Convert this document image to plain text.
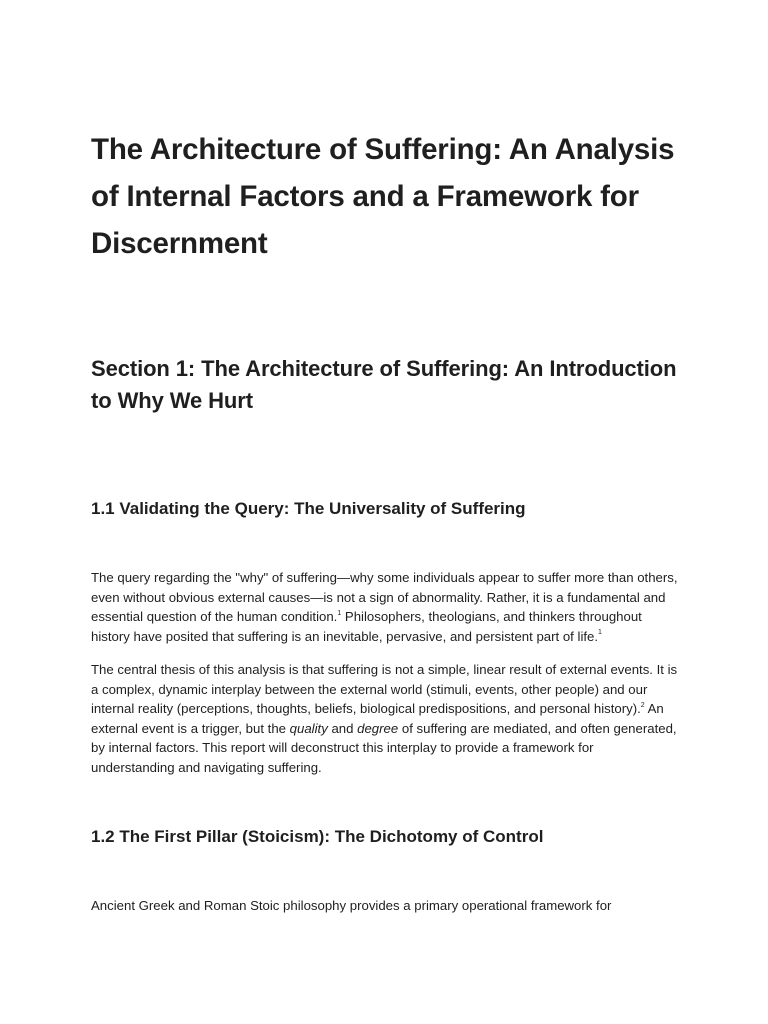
The Architecture of Suffering: An Analysis of Internal Factors and a Framework for Discernment
Section 1: The Architecture of Suffering: An Introduction to Why We Hurt
1.1 Validating the Query: The Universality of Suffering

The query regarding the "why" of suffering—why some individuals appear to suffer more than others, even without obvious external causes—is not a sign of abnormality. Rather, it is a fundamental and essential question of the human condition.$^1$ Philosophers, theologians, and thinkers throughout history have posited that suffering is an inevitable, pervasive, and persistent part of life.$^1$

The central thesis of this analysis is that suffering is not a simple, linear result of external events. It is a complex, dynamic interplay between the external world (stimuli, events, other people) and our internal reality (perceptions, thoughts, beliefs, biological predispositions, and personal history).$^2$ An external event is a trigger, but the quality and degree of suffering are mediated, and often generated, by internal factors. This report will deconstruct this interplay to provide a framework for understanding and navigating suffering.

1.2 The First Pillar (Stoicism): The Dichotomy of Control

Ancient Greek and Roman Stoic philosophy provides a primary operational framework for
